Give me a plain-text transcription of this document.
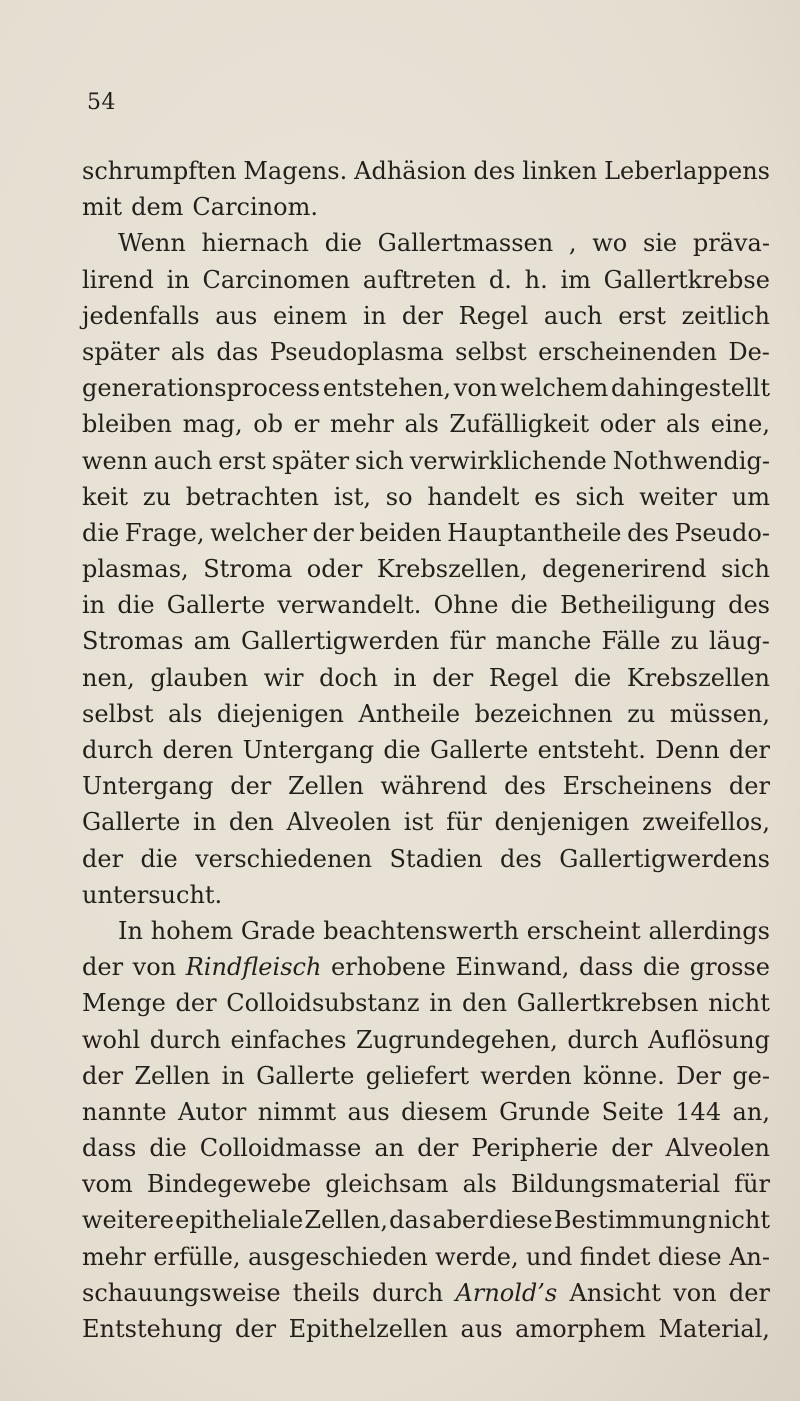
54
schrumpften Magens. Adhäsion des linken Leberlappens
mit dem Carcinom.
Wenn hiernach die Gallertmassen , wo sie präva-
lirend in Carcinomen auftreten d. h. im Gallertkrebse
jedenfalls aus einem in der Regel auch erst zeitlich
später als das Pseudoplasma selbst erscheinenden De-
generationsprocess entstehen, von welchem dahingestellt
bleiben mag, ob er mehr als Zufälligkeit oder als eine,
wenn auch erst später sich verwirklichende Nothwendig-
keit zu betrachten ist, so handelt es sich weiter um
die Frage, welcher der beiden Hauptantheile des Pseudo-
plasmas, Stroma oder Krebszellen, degenerirend sich
in die Gallerte verwandelt. Ohne die Betheiligung des
Stromas am Gallertigwerden für manche Fälle zu läug-
nen, glauben wir doch in der Regel die Krebszellen
selbst als diejenigen Antheile bezeichnen zu müssen,
durch deren Untergang die Gallerte entsteht. Denn der
Untergang der Zellen während des Erscheinens der
Gallerte in den Alveolen ist für denjenigen zweifellos,
der die verschiedenen Stadien des Gallertigwerdens
untersucht.
In hohem Grade beachtenswerth erscheint allerdings
der von Rindfleisch erhobene Einwand, dass die grosse
Menge der Colloidsubstanz in den Gallertkrebsen nicht
wohl durch einfaches Zugrundegehen, durch Auflösung
der Zellen in Gallerte geliefert werden könne. Der ge-
nannte Autor nimmt aus diesem Grunde Seite 144 an,
dass die Colloidmasse an der Peripherie der Alveolen
vom Bindegewebe gleichsam als Bildungsmaterial für
weitere epitheliale Zellen, das aber diese Bestimmung nicht
mehr erfülle, ausgeschieden werde, und findet diese An-
schauungsweise theils durch Arnold’s Ansicht von der
Entstehung der Epithelzellen aus amorphem Material,
